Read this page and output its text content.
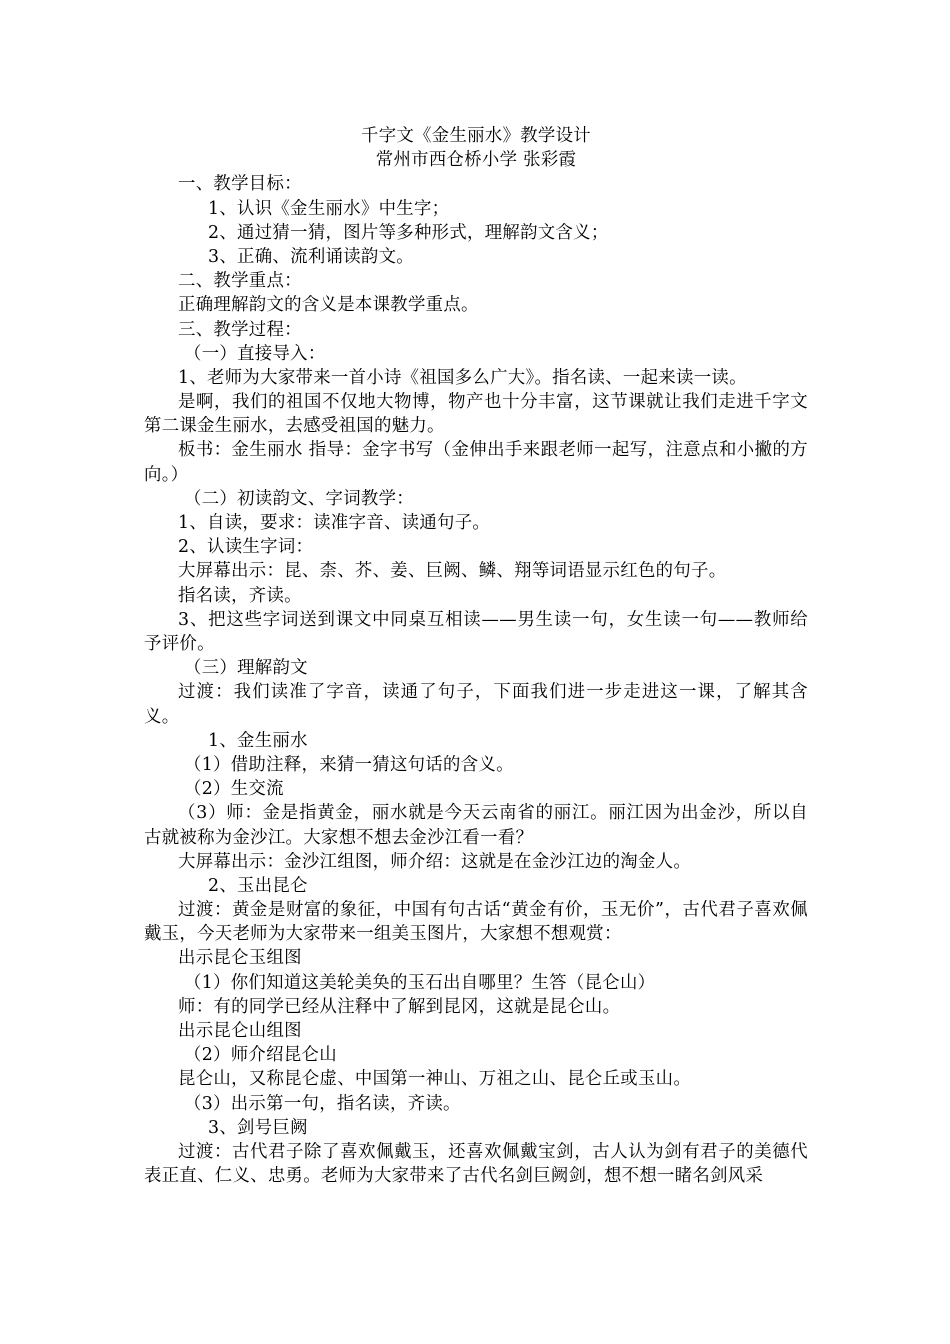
千字文《金生丽水》教学设计
常州市西仓桥小学 张彩霞
一、教学目标：
1、认识《金生丽水》中生字；
2、通过猜一猜，图片等多种形式，理解韵文含义；
3、正确、流利诵读韵文。
二、教学重点：
正确理解韵文的含义是本课教学重点。
三、教学过程：
（一）直接导入：
1、老师为大家带来一首小诗《祖国多么广大》。指名读、一起来读一读。
是啊，我们的祖国不仅地大物博，物产也十分丰富，这节课就让我们走进千字文第二课金生丽水，去感受祖国的魅力。
板书：金生丽水 指导：金字书写（金伸出手来跟老师一起写，注意点和小撇的方向。）
（二）初读韵文、字词教学：
1、自读，要求：读准字音、读通句子。
2、认读生字词：
大屏幕出示：昆、柰、芥、姜、巨阙、鳞、翔等词语显示红色的句子。
指名读，齐读。
3、把这些字词送到课文中同桌互相读——男生读一句，女生读一句——教师给予评价。
（三）理解韵文
过渡：我们读准了字音，读通了句子，下面我们进一步走进这一课，了解其含义。
1、金生丽水
（1）借助注释，来猜一猜这句话的含义。
（2）生交流
（3）师：金是指黄金，丽水就是今天云南省的丽江。丽江因为出金沙，所以自古就被称为金沙江。大家想不想去金沙江看一看？
大屏幕出示：金沙江组图，师介绍：这就是在金沙江边的淘金人。
2、玉出昆仑
过渡：黄金是财富的象征，中国有句古话“黄金有价，玉无价”，古代君子喜欢佩戴玉，今天老师为大家带来一组美玉图片，大家想不想观赏：
出示昆仑玉组图
（1）你们知道这美轮美奂的玉石出自哪里？生答（昆仑山）
师：有的同学已经从注释中了解到昆冈，这就是昆仑山。
出示昆仑山组图
（2）师介绍昆仑山
昆仑山，又称昆仑虚、中国第一神山、万祖之山、昆仑丘或玉山。
（3）出示第一句，指名读，齐读。
3、剑号巨阙
过渡：古代君子除了喜欢佩戴玉，还喜欢佩戴宝剑，古人认为剑有君子的美德代表正直、仁义、忠勇。老师为大家带来了古代名剑巨阙剑，想不想一睹名剑风采
